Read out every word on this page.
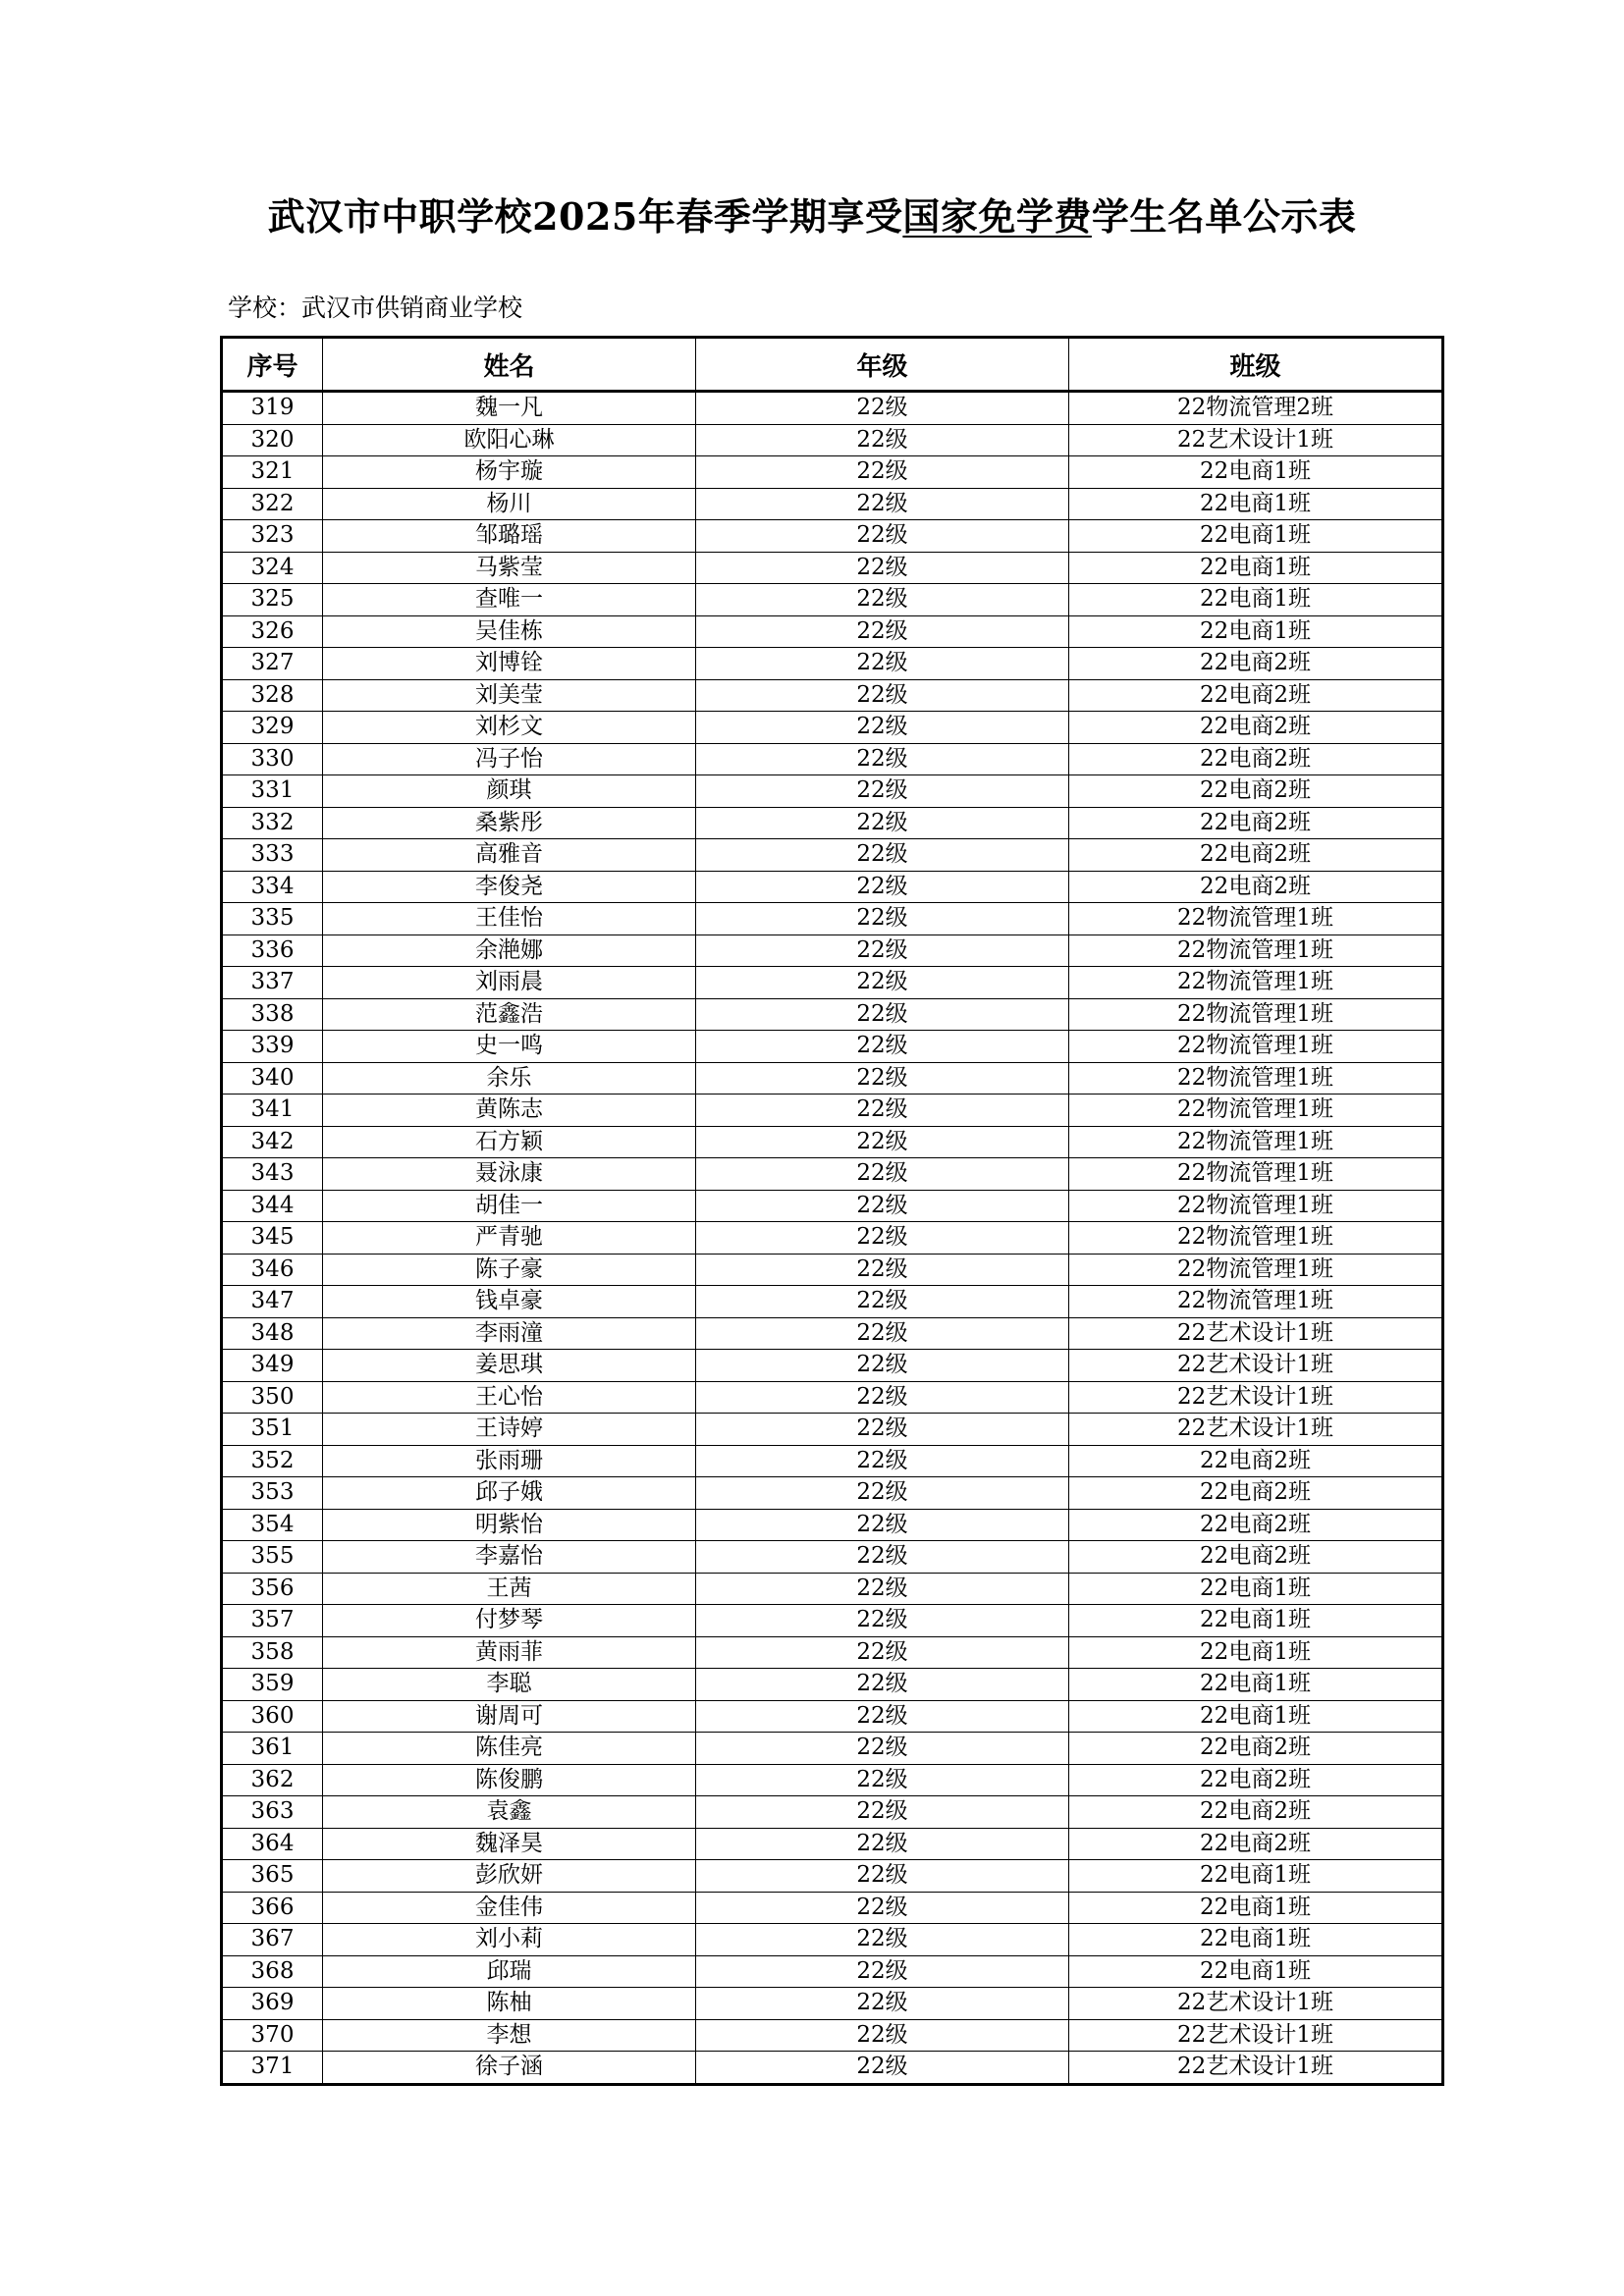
武汉市中职学校2025年春季学期享受国家免学费学生名单公示表
学校：武汉市供销商业学校
序号	姓名	年级	班级
319	魏一凡	22级	22物流管理2班
320	欧阳心琳	22级	22艺术设计1班
321	杨宇璇	22级	22电商1班
322	杨川	22级	22电商1班
323	邹璐瑶	22级	22电商1班
324	马紫莹	22级	22电商1班
325	查唯一	22级	22电商1班
326	吴佳栋	22级	22电商1班
327	刘博铨	22级	22电商2班
328	刘美莹	22级	22电商2班
329	刘杉文	22级	22电商2班
330	冯子怡	22级	22电商2班
331	颜琪	22级	22电商2班
332	桑紫彤	22级	22电商2班
333	高雅音	22级	22电商2班
334	李俊尧	22级	22电商2班
335	王佳怡	22级	22物流管理1班
336	余滟娜	22级	22物流管理1班
337	刘雨晨	22级	22物流管理1班
338	范鑫浩	22级	22物流管理1班
339	史一鸣	22级	22物流管理1班
340	余乐	22级	22物流管理1班
341	黄陈志	22级	22物流管理1班
342	石方颖	22级	22物流管理1班
343	聂泳康	22级	22物流管理1班
344	胡佳一	22级	22物流管理1班
345	严青驰	22级	22物流管理1班
346	陈子豪	22级	22物流管理1班
347	钱卓豪	22级	22物流管理1班
348	李雨潼	22级	22艺术设计1班
349	姜思琪	22级	22艺术设计1班
350	王心怡	22级	22艺术设计1班
351	王诗婷	22级	22艺术设计1班
352	张雨珊	22级	22电商2班
353	邱子娥	22级	22电商2班
354	明紫怡	22级	22电商2班
355	李嘉怡	22级	22电商2班
356	王茜	22级	22电商1班
357	付梦琴	22级	22电商1班
358	黄雨菲	22级	22电商1班
359	李聪	22级	22电商1班
360	谢周可	22级	22电商1班
361	陈佳亮	22级	22电商2班
362	陈俊鹏	22级	22电商2班
363	袁鑫	22级	22电商2班
364	魏泽昊	22级	22电商2班
365	彭欣妍	22级	22电商1班
366	金佳伟	22级	22电商1班
367	刘小莉	22级	22电商1班
368	邱瑞	22级	22电商1班
369	陈柚	22级	22艺术设计1班
370	李想	22级	22艺术设计1班
371	徐子涵	22级	22艺术设计1班
